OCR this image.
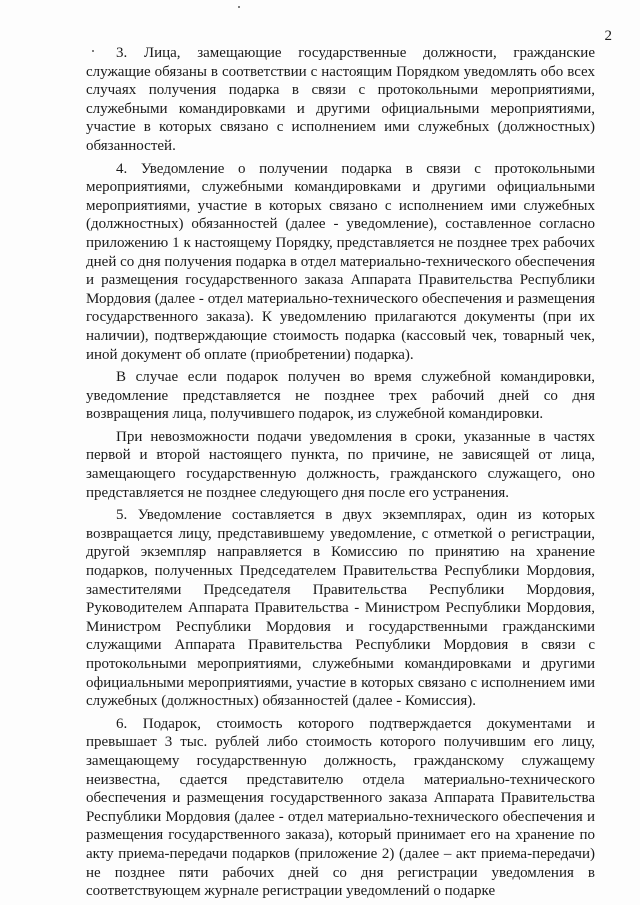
2

3. Лица, замещающие государственные должности, гражданские служащие обязаны в соответствии с настоящим Порядком уведомлять обо всех случаях получения подарка в связи с протокольными мероприятиями, служебными командировками и другими официальными мероприятиями, участие в которых связано с исполнением ими служебных (должностных) обязанностей.

4. Уведомление о получении подарка в связи с протокольными мероприятиями, служебными командировками и другими официальными мероприятиями, участие в которых связано с исполнением ими служебных (должностных) обязанностей (далее - уведомление), составленное согласно приложению 1 к настоящему Порядку, представляется не позднее трех рабочих дней со дня получения подарка в отдел материально-технического обеспечения и размещения государственного заказа Аппарата Правительства Республики Мордовия (далее - отдел материально-технического обеспечения и размещения государственного заказа). К уведомлению прилагаются документы (при их наличии), подтверждающие стоимость подарка (кассовый чек, товарный чек, иной документ об оплате (приобретении) подарка).

В случае если подарок получен во время служебной командировки, уведомление представляется не позднее трех рабочий дней со дня возвращения лица, получившего подарок, из служебной командировки.

При невозможности подачи уведомления в сроки, указанные в частях первой и второй настоящего пункта, по причине, не зависящей от лица, замещающего государственную должность, гражданского служащего, оно представляется не позднее следующего дня после его устранения.

5. Уведомление составляется в двух экземплярах, один из которых возвращается лицу, представившему уведомление, с отметкой о регистрации, другой экземпляр направляется в Комиссию по принятию на хранение подарков, полученных Председателем Правительства Республики Мордовия, заместителями Председателя Правительства Республики Мордовия, Руководителем Аппарата Правительства - Министром Республики Мордовия, Министром Республики Мордовия и государственными гражданскими служащими Аппарата Правительства Республики Мордовия в связи с протокольными мероприятиями, служебными командировками и другими официальными мероприятиями, участие в которых связано с исполнением ими служебных (должностных) обязанностей (далее - Комиссия).

6. Подарок, стоимость которого подтверждается документами и превышает 3 тыс. рублей либо стоимость которого получившим его лицу, замещающему государственную должность, гражданскому служащему неизвестна, сдается представителю отдела материально-технического обеспечения и размещения государственного заказа Аппарата Правительства Республики Мордовия (далее - отдел материально-технического обеспечения и размещения государственного заказа), который принимает его на хранение по акту приема-передачи подарков (приложение 2) (далее – акт приема-передачи) не позднее пяти рабочих дней со дня регистрации уведомления в соответствующем журнале регистрации уведомлений о подарке
